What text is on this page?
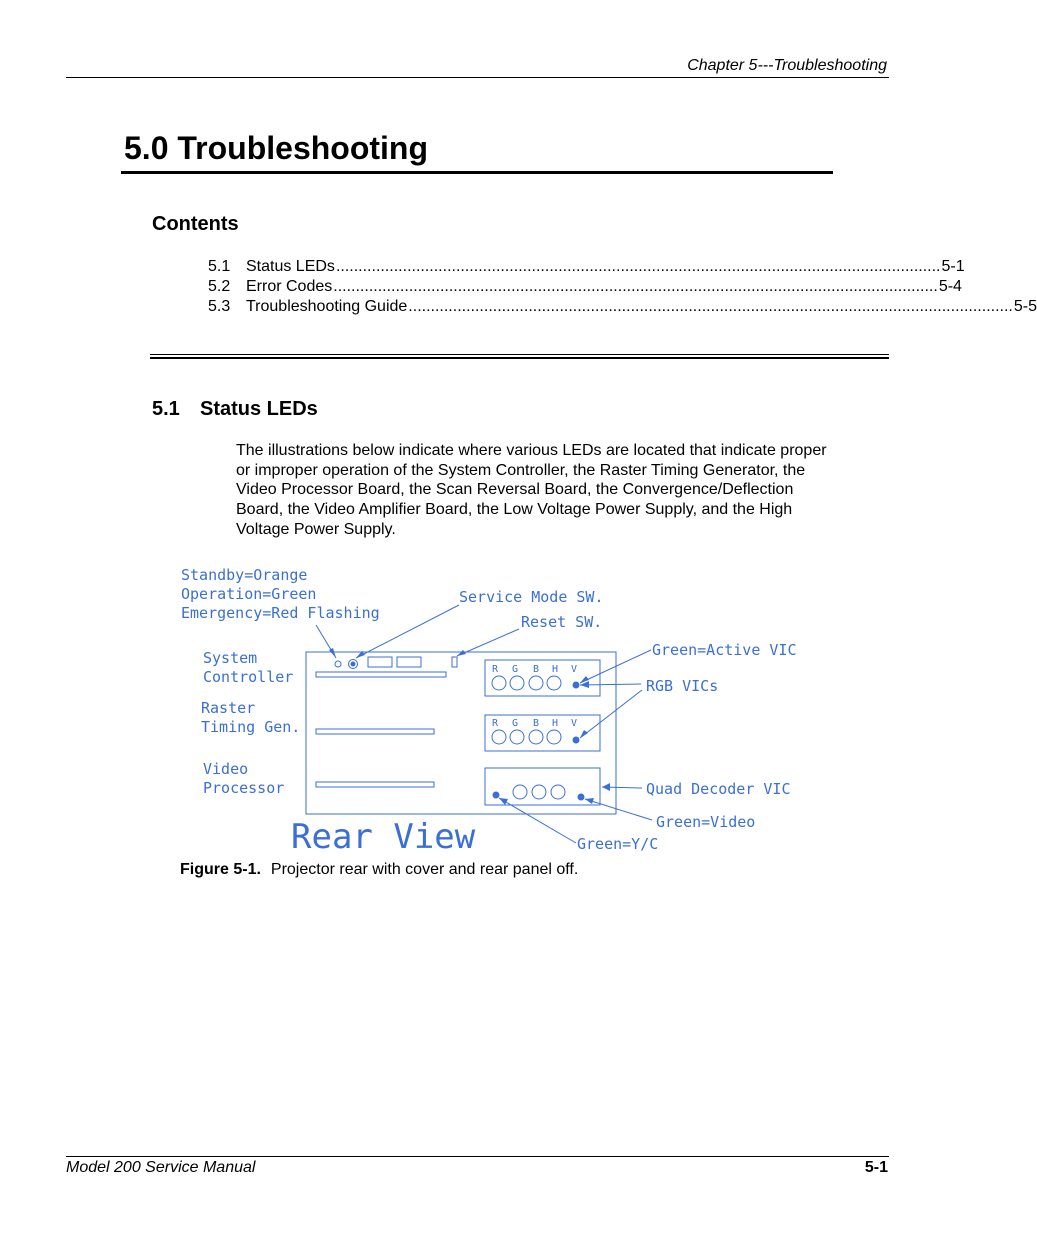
Chapter 5---Troubleshooting
5.0 Troubleshooting
Contents
5.1 Status LEDs ........................................................................................................................................ 5-1
5.2 Error Codes ........................................................................................................................................ 5-4
5.3 Troubleshooting Guide ........................................................................................................................................ 5-5
5.1 Status LEDs
The illustrations below indicate where various LEDs are located that indicate proper or improper operation of the System Controller, the Raster Timing Generator, the Video Processor Board, the Scan Reversal Board, the Convergence/Deflection Board, the Video Amplifier Board, the Low Voltage Power Supply, and the High Voltage Power Supply.
Standby=Orange
Operation=Green
Emergency=Red Flashing
Service Mode SW.
Reset SW.
System
Controller
Raster
Timing Gen.
Video
Processor
Green=Active VIC
RGB VICs
Quad Decoder VIC
Green=Video
Green=Y/C
Rear View
R G B H V
R G B H V
Figure 5-1. Projector rear with cover and rear panel off.
Model 200 Service Manual	5-1
